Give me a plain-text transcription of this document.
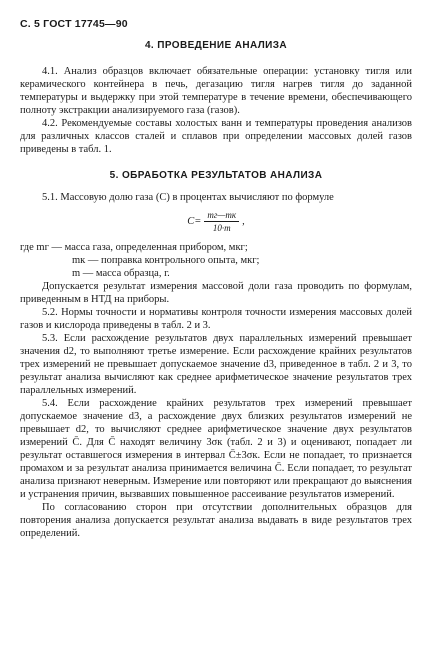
С. 5 ГОСТ 17745—90
4. ПРОВЕДЕНИЕ АНАЛИЗА

4.1. Анализ образцов включает обязательные операции: установку тигля или керамического контейнера в печь, дегазацию тигля нагрев тигля до заданной температуры и выдержку при этой температуре в течение времени, обеспечивающего полноту экстракции анализируемого газа (газов).

4.2. Рекомендуемые составы холостых ванн и температуры проведения анализов для различных классов сталей и сплавов при определении массовых долей газов приведены в табл. 1.

5. ОБРАБОТКА РЕЗУЛЬТАТОВ АНАЛИЗА

5.1. Массовую долю газа (С) в процентах вычисляют по формуле

$C= \frac{mг—mк}{10\cdot m}$ ,

где mг — масса газа, определенная прибором, мкг;

mк — поправка контрольного опыта, мкг;

m — масса образца, г.

Допускается результат измерения массовой доли газа проводить по формулам, приведенным в НТД на приборы.

5.2. Нормы точности и нормативы контроля точности измерения массовых долей газов и кислорода приведены в табл. 2 и 3.

5.3. Если расхождение результатов двух параллельных измерений превышает значения d2, то выполняют третье измерение. Если расхождение крайних результатов трех измерений не превышает допускаемое значение d3, приведенное в табл. 2 и 3, то результат анализа вычисляют как среднее арифметическое значение результатов трех параллельных измерений.

5.4. Если расхождение крайних результатов трех измерений превышает допускаемое значение d3, а расхождение двух близких результатов измерений не превышает d2, то вычисляют среднее арифметическое значение двух результатов измерений C̄. Для C̄ находят величину 3σк (табл. 2 и 3) и оценивают, попадает ли результат оставшегося измерения в интервал C̄±3σк. Если не попадает, то признается промахом и за результат анализа принимается величина C̄. Если попадает, то результат анализа признают неверным. Измерение или повторяют или прекращают до выяснения и устранения причин, вызвавших повышенное рассеивание результатов измерений.

По согласованию сторон при отсутствии дополнительных образцов для повторения анализа допускается результат анализа выдавать в виде результатов трех определений.
